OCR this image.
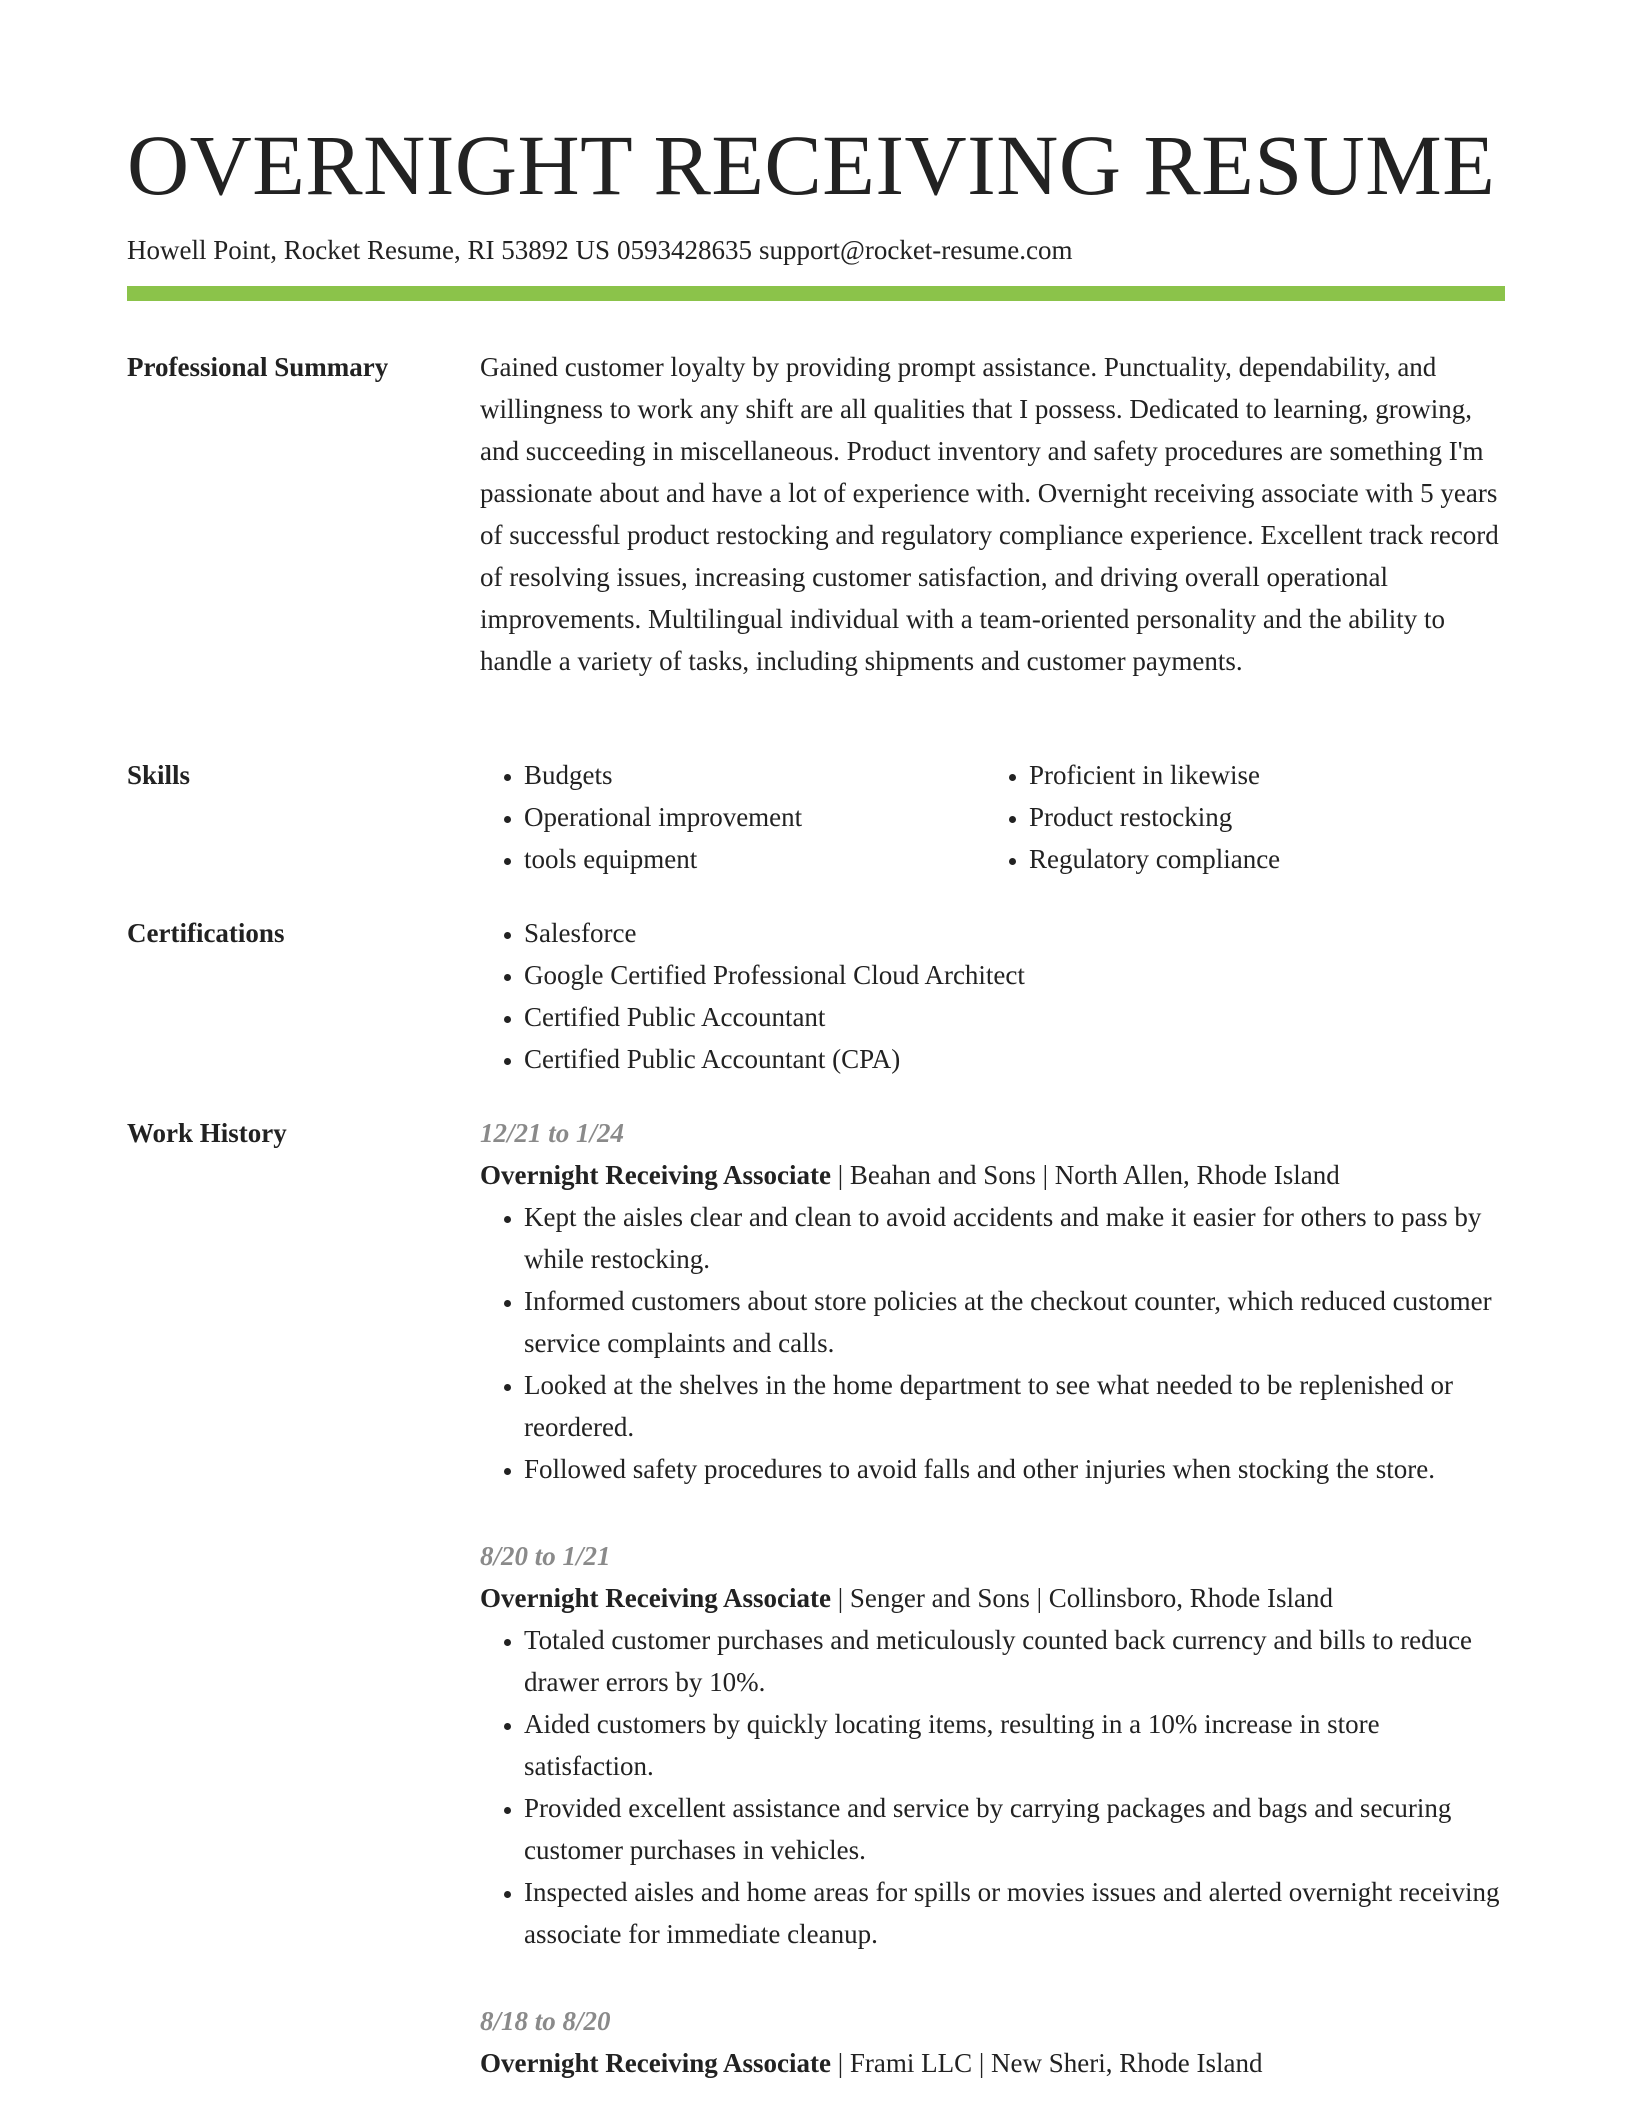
OVERNIGHT RECEIVING RESUME
Howell Point, Rocket Resume, RI 53892 US 0593428635 support@rocket-resume.com
Professional Summary	Gained customer loyalty by providing prompt assistance. Punctuality, dependability, and willingness to work any shift are all qualities that I possess. Dedicated to learning, growing, and succeeding in miscellaneous. Product inventory and safety procedures are something I'm passionate about and have a lot of experience with. Overnight receiving associate with 5 years of successful product restocking and regulatory compliance experience. Excellent track record of resolving issues, increasing customer satisfaction, and driving overall operational improvements. Multilingual individual with a team-oriented personality and the ability to handle a variety of tasks, including shipments and customer payments.

Skills	• Budgets
• Operational improvement
• tools equipment
• Proficient in likewise
• Product restocking
• Regulatory compliance
Certifications	• Salesforce
• Google Certified Professional Cloud Architect
• Certified Public Accountant
• Certified Public Accountant (CPA)
Work History	12/21 to 1/24
Overnight Receiving Associate | Beahan and Sons | North Allen, Rhode Island
• Kept the aisles clear and clean to avoid accidents and make it easier for others to pass by while restocking.
• Informed customers about store policies at the checkout counter, which reduced customer service complaints and calls.
• Looked at the shelves in the home department to see what needed to be replenished or reordered.
• Followed safety procedures to avoid falls and other injuries when stocking the store.
8/20 to 1/21
Overnight Receiving Associate | Senger and Sons | Collinsboro, Rhode Island
• Totaled customer purchases and meticulously counted back currency and bills to reduce drawer errors by 10%.
• Aided customers by quickly locating items, resulting in a 10% increase in store satisfaction.
• Provided excellent assistance and service by carrying packages and bags and securing customer purchases in vehicles.
• Inspected aisles and home areas for spills or movies issues and alerted overnight receiving associate for immediate cleanup.
8/18 to 8/20
Overnight Receiving Associate | Frami LLC | New Sheri, Rhode Island
